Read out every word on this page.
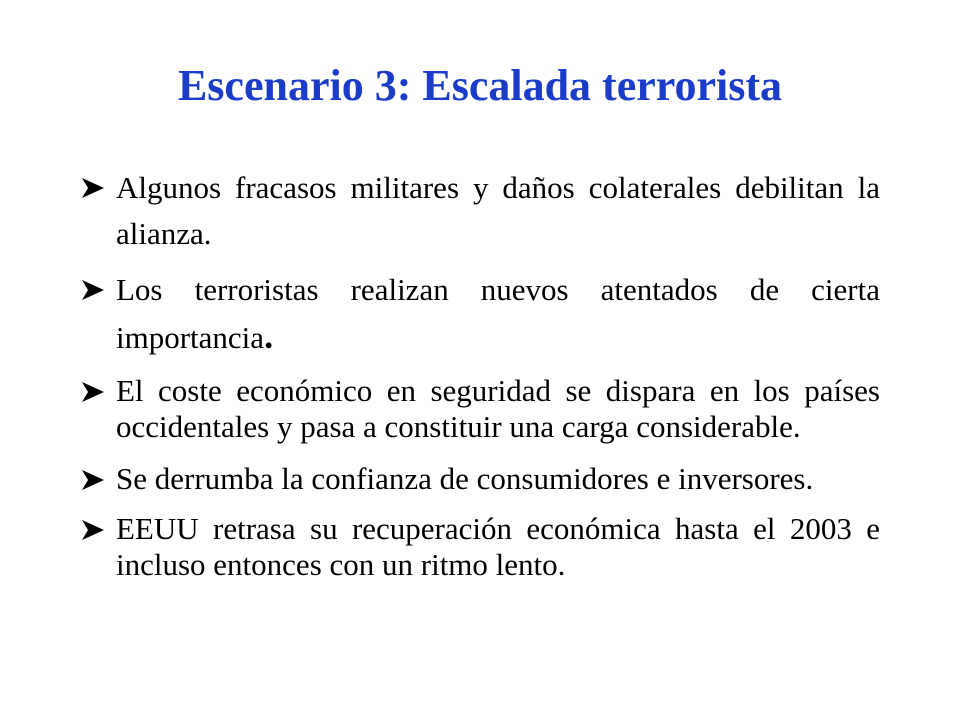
Escenario 3: Escalada terrorista
Algunos fracasos militares y daños colaterales debilitan la alianza.
Los terroristas realizan nuevos atentados de cierta importancia.
El coste económico en seguridad se dispara en los países occidentales y pasa a constituir una carga considerable.
Se derrumba la confianza de consumidores e inversores.
EEUU retrasa su recuperación económica hasta el 2003 e incluso entonces con un ritmo lento.
